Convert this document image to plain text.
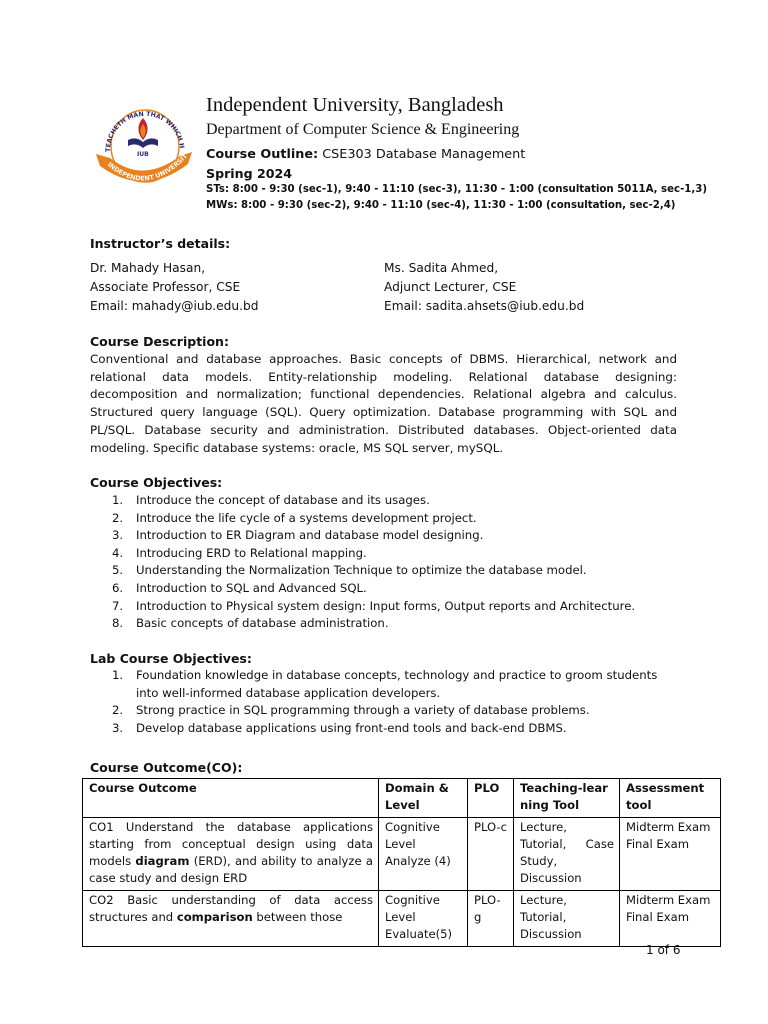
TEACHETH MAN THAT WHICH H
INDEPENDENT UNIVERSIT
IUB
Independent University, Bangladesh
Department of Computer Science & Engineering
Course Outline: CSE303 Database Management
Spring 2024
STs: 8:00 - 9:30 (sec-1), 9:40 - 11:10 (sec-3), 11:30 - 1:00 (consultation 5011A, sec-1,3)
MWs: 8:00 - 9:30 (sec-2), 9:40 - 11:10 (sec-4), 11:30 - 1:00 (consultation, sec-2,4)
Instructor’s details:
Dr. Mahady Hasan,
Associate Professor, CSE
Email: mahady@iub.edu.bd
Ms. Sadita Ahmed,
Adjunct Lecturer, CSE
Email: sadita.ahsets@iub.edu.bd
Course Description:
Conventional and database approaches. Basic concepts of DBMS. Hierarchical, network and relational data models. Entity-relationship modeling. Relational database designing: decomposition and normalization; functional dependencies. Relational algebra and calculus. Structured query language (SQL). Query optimization. Database programming with SQL and PL/SQL. Database security and administration. Distributed databases. Object-oriented data modeling. Specific database systems: oracle, MS SQL server, mySQL.
Course Objectives:
1.	Introduce the concept of database and its usages.
2.	Introduce the life cycle of a systems development project.
3.	Introduction to ER Diagram and database model designing.
4.	Introducing ERD to Relational mapping.
5.	Understanding the Normalization Technique to optimize the database model.
6.	Introduction to SQL and Advanced SQL.
7.	Introduction to Physical system design: Input forms, Output reports and Architecture.
8.	Basic concepts of database administration.
Lab Course Objectives:
1.	Foundation knowledge in database concepts, technology and practice to groom students into well-informed database application developers.
2.	Strong practice in SQL programming through a variety of database problems.
3.	Develop database applications using front-end tools and back-end DBMS.
Course Outcome(CO):
Course Outcome	Domain & Level	PLO	Teaching-learning Tool	Assessment tool
CO1 Understand the database applications starting from conceptual design using data models diagram (ERD), and ability to analyze a case study and design ERD	Cognitive Level Analyze (4)	PLO-c	Lecture, Tutorial, Case Study, Discussion	Midterm Exam Final Exam
CO2 Basic understanding of data access structures and comparison between those	Cognitive Level Evaluate(5)	PLO-g	Lecture, Tutorial, Discussion	Midterm Exam Final Exam
1 of 6
